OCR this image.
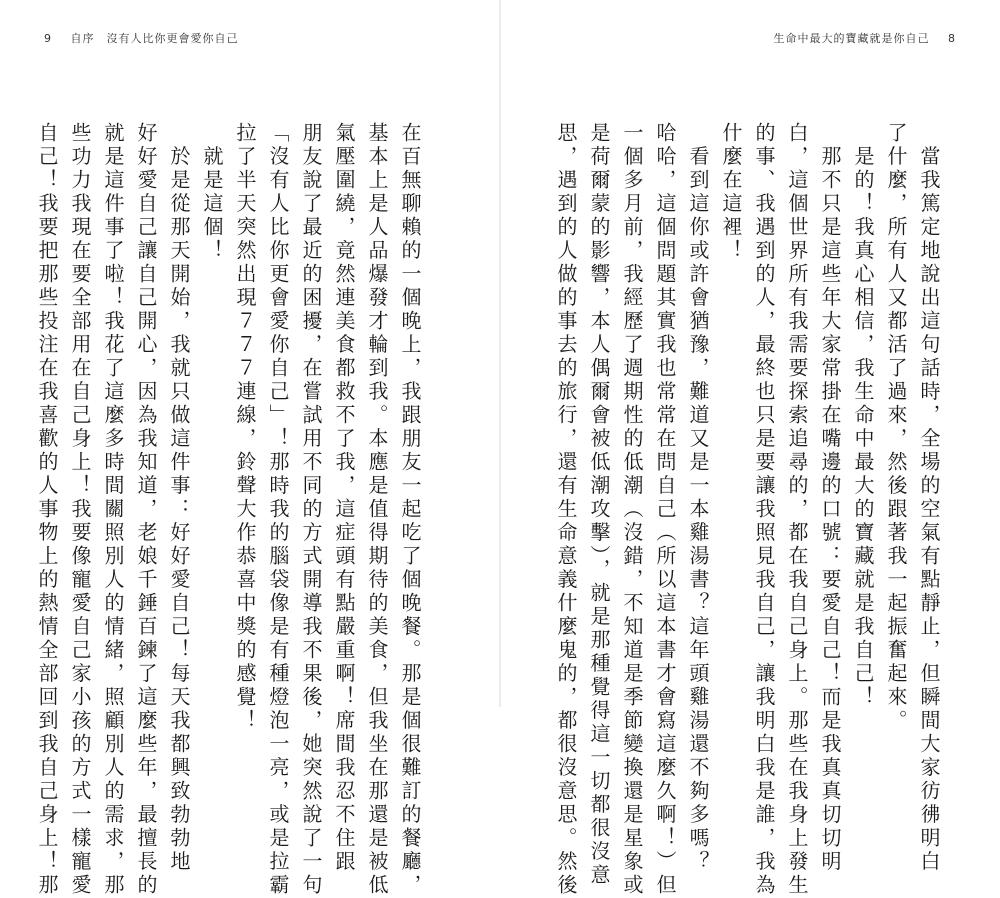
9 自序　沒有人比你更會愛你自己	生命中最大的寶藏就是你自己 8
　當我篤定地說出這句話時，全場的空氣有點靜止，但瞬間大家彷彿明白
了什麼，所有人又都活了過來，然後跟著我一起振奮起來。
　是的！我真心相信，我生命中最大的寶藏就是我自己！
　那不只是這些年大家常掛在嘴邊的口號：要愛自己！而是我真真切切明
白，這個世界所有我需要探索追尋的，都在我自己身上。那些在我身上發生
的事、我遇到的人，最終也只是要讓我照見我自己，讓我明白我是誰，我為
什麼在這裡！
　看到這你或許會猶豫，難道又是一本雞湯書？這年頭雞湯還不夠多嗎？
哈哈，這個問題其實我也常常在問自己（所以這本書才會寫這麼久啊！）但
一個多月前，我經歷了週期性的低潮（沒錯，不知道是季節變換還是星象或
是荷爾蒙的影響，本人偶爾會被低潮攻擊），就是那種覺得這一切都很沒意
思，遇到的人做的事去的旅行，還有生命意義什麼鬼的，都很沒意思。然後
在百無聊賴的一個晚上，我跟朋友一起吃了個晚餐。那是個很難訂的餐廳，
基本上是人品爆發才輪到我。本應是值得期待的美食，但我坐在那還是被低
氣壓圍繞，竟然連美食都救不了我，這症頭有點嚴重啊！席間我忍不住跟
朋友說了最近的困擾，在嘗試用不同的方式開導我不果後，她突然說了一句
「沒有人比你更會愛你自己」！那時我的腦袋像是有種燈泡一亮，或是拉霸
拉了半天突然出現７７７連線，鈴聲大作恭喜中獎的感覺！
　就是這個！
　於是從那天開始，我就只做這件事：好好愛自己！每天我都興致勃勃地
好好愛自己讓自己開心，因為我知道，老娘千錘百鍊了這麼些年，最擅長的
就是這件事了啦！我花了這麼多時間關照別人的情緒，照顧別人的需求，那
些功力我現在要全部用在自己身上！我要像寵愛自己家小孩的方式一樣寵愛
自己！我要把那些投注在我喜歡的人事物上的熱情全部回到我自己身上！那
